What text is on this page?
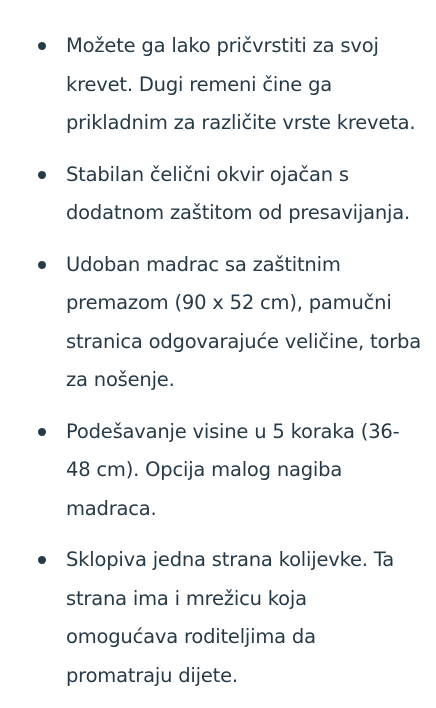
Možete ga lako pričvrstiti za svoj
krevet. Dugi remeni čine ga
prikladnim za različite vrste kreveta.
Stabilan čelični okvir ojačan s
dodatnom zaštitom od presavijanja.
Udoban madrac sa zaštitnim
premazom (90 x 52 cm), pamučni
stranica odgovarajuće veličine, torba
za nošenje.
Podešavanje visine u 5 koraka (36-
48 cm). Opcija malog nagiba
madraca.
Sklopiva jedna strana kolijevke. Ta
strana ima i mrežicu koja
omogućava roditeljima da
promatraju dijete.
